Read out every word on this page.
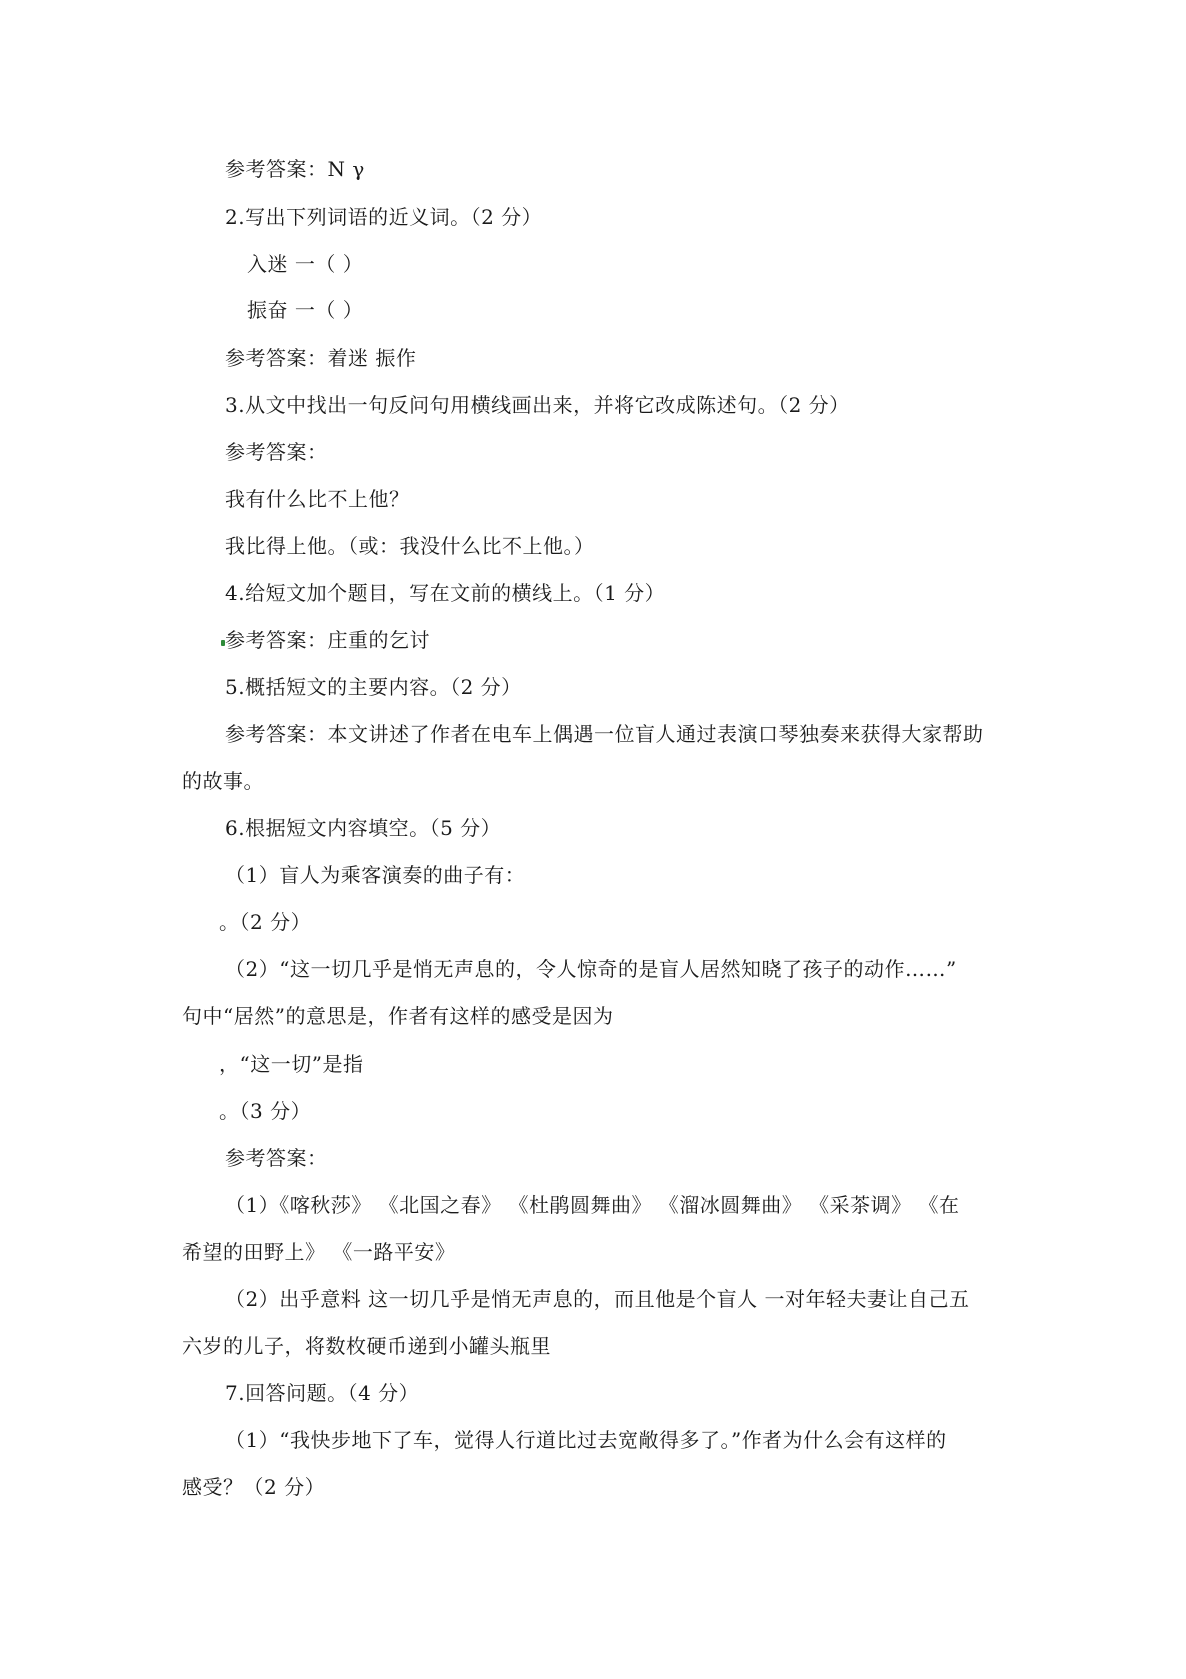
参考答案：N γ
2.写出下列词语的近义词。（2 分）
入迷 一（ ）
振奋 一（ ）
参考答案：着迷 振作
3.从文中找出一句反问句用横线画出来，并将它改成陈述句。（2 分）
参考答案：
我有什么比不上他？
我比得上他。（或：我没什么比不上他。）
4.给短文加个题目，写在文前的横线上。（1 分）
参考答案：庄重的乞讨
5.概括短文的主要内容。（2 分）
参考答案：本文讲述了作者在电车上偶遇一位盲人通过表演口琴独奏来获得大家帮助
的故事。
6.根据短文内容填空。（5 分）
（1）盲人为乘客演奏的曲子有：
。（2 分）
（2）“这一切几乎是悄无声息的，令人惊奇的是盲人居然知晓了孩子的动作……”
句中“居然”的意思是，作者有这样的感受是因为
，“这一切”是指
。（3 分）
参考答案：
（1）《喀秋莎》 《北国之春》 《杜鹃圆舞曲》 《溜冰圆舞曲》 《采茶调》 《在
希望的田野上》 《一路平安》
（2）出乎意料 这一切几乎是悄无声息的，而且他是个盲人 一对年轻夫妻让自己五
六岁的儿子，将数枚硬币递到小罐头瓶里
7.回答问题。（4 分）
（1）“我快步地下了车，觉得人行道比过去宽敞得多了。”作者为什么会有这样的
感受？（2 分）
